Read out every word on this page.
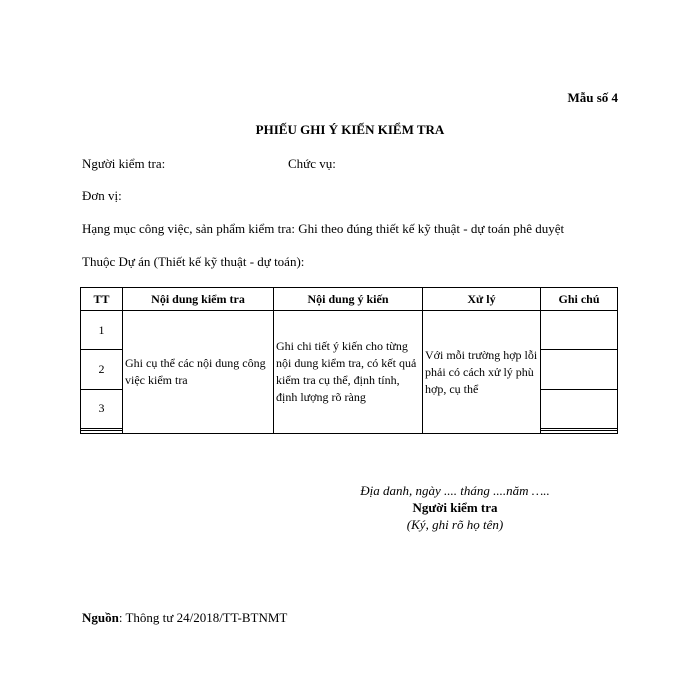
Mẫu số 4
PHIẾU GHI Ý KIẾN KIỂM TRA
Người kiểm tra:	Chức vụ:
Đơn vị:
Hạng mục công việc, sản phẩm kiểm tra: Ghi theo đúng thiết kế kỹ thuật - dự toán phê duyệt
Thuộc Dự án (Thiết kế kỹ thuật - dự toán):
TT	Nội dung kiểm tra	Nội dung ý kiến	Xử lý	Ghi chú
1	Ghi cụ thể các nội dung công việc kiểm tra	Ghi chi tiết ý kiến cho từng nội dung kiểm tra, có kết quả kiểm tra cụ thể, định tính, định lượng rõ ràng	Với mỗi trường hợp lỗi phải có cách xử lý phù hợp, cụ thể	
2				
3				

Địa danh, ngày .... tháng ....năm …..
Người kiểm tra
(Ký, ghi rõ họ tên)
Nguồn: Thông tư 24/2018/TT-BTNMT
